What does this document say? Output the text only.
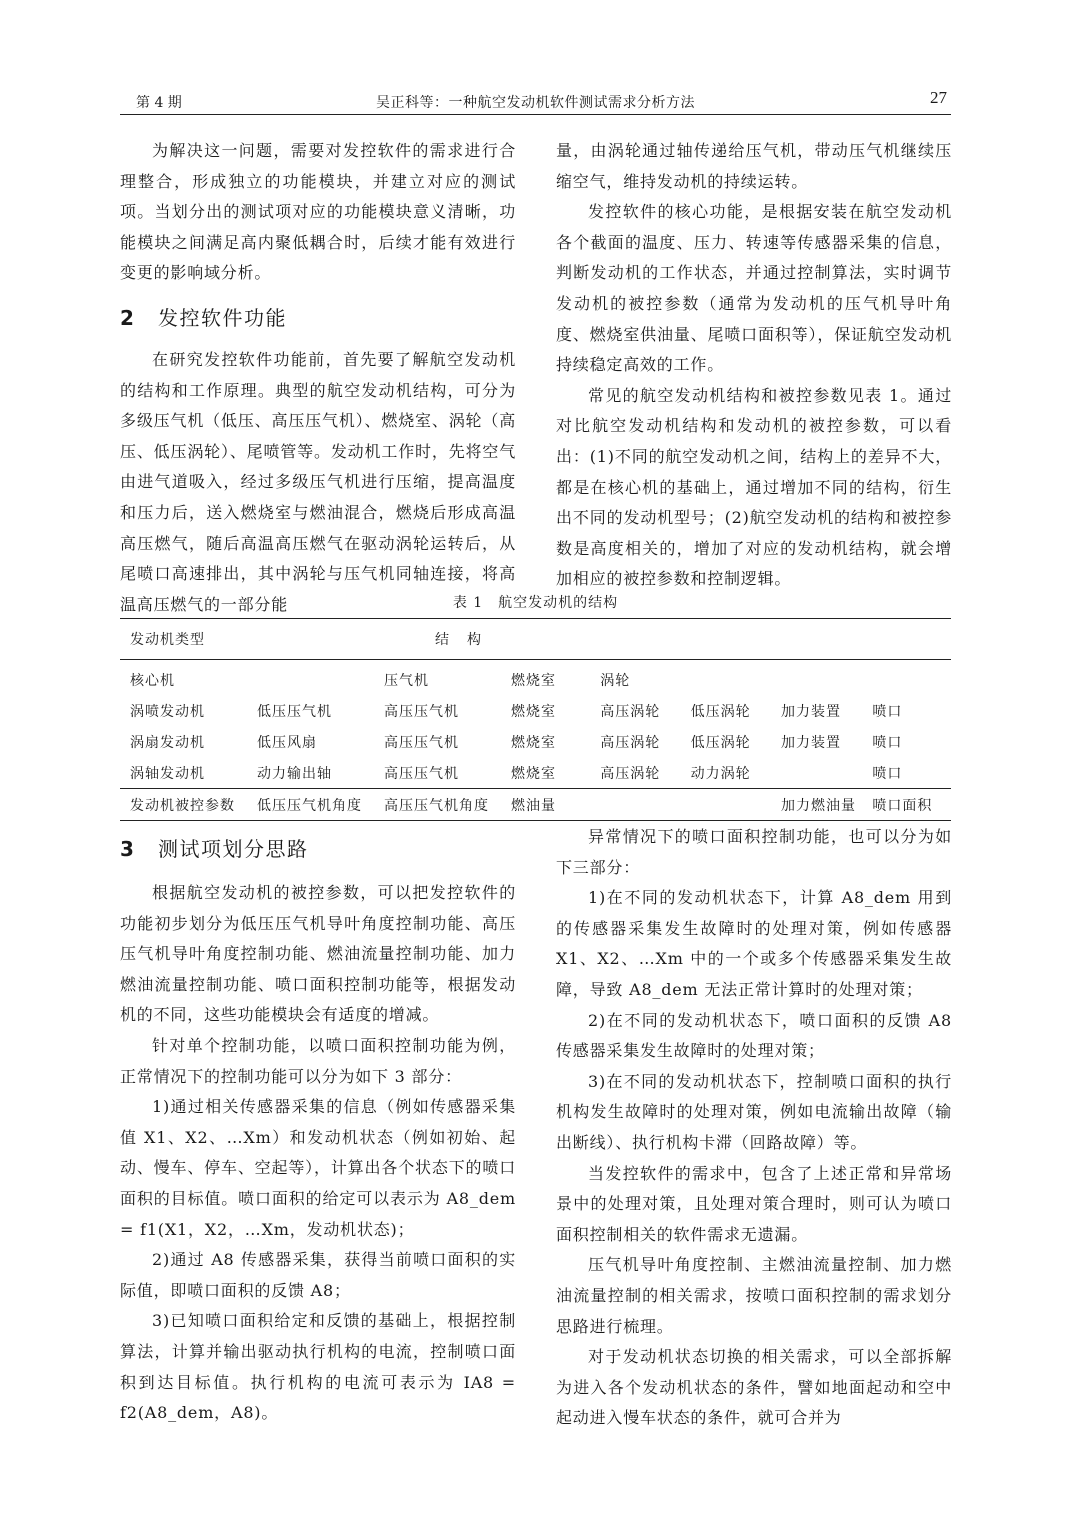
第 4 期	吴正科等：一种航空发动机软件测试需求分析方法	27

为解决这一问题，需要对发控软件的需求进行合理整合，形成独立的功能模块，并建立对应的测试项。当划分出的测试项对应的功能模块意义清晰，功能模块之间满足高内聚低耦合时，后续才能有效进行变更的影响域分析。

2 发控软件功能

在研究发控软件功能前，首先要了解航空发动机的结构和工作原理。典型的航空发动机结构，可分为多级压气机（低压、高压压气机）、燃烧室、涡轮（高压、低压涡轮）、尾喷管等。发动机工作时，先将空气由进气道吸入，经过多级压气机进行压缩，提高温度和压力后，送入燃烧室与燃油混合，燃烧后形成高温高压燃气，随后高温高压燃气在驱动涡轮运转后，从尾喷口高速排出，其中涡轮与压气机同轴连接，将高温高压燃气的一部分能

量，由涡轮通过轴传递给压气机，带动压气机继续压缩空气，维持发动机的持续运转。

发控软件的核心功能，是根据安装在航空发动机各个截面的温度、压力、转速等传感器采集的信息，判断发动机的工作状态，并通过控制算法，实时调节发动机的被控参数（通常为发动机的压气机导叶角度、燃烧室供油量、尾喷口面积等），保证航空发动机持续稳定高效的工作。

常见的航空发动机结构和被控参数见表 1。通过对比航空发动机结构和发动机的被控参数，可以看出：(1)不同的航空发动机之间，结构上的差异不大，都是在核心机的基础上，通过增加不同的结构，衍生出不同的发动机型号；(2)航空发动机的结构和被控参数是高度相关的，增加了对应的发动机结构，就会增加相应的被控参数和控制逻辑。

表 1　航空发动机的结构
发动机类型	结构						
核心机		压气机	燃烧室	涡轮			
涡喷发动机	低压压气机	高压压气机	燃烧室	高压涡轮	低压涡轮	加力装置	喷口
涡扇发动机	低压风扇	高压压气机	燃烧室	高压涡轮	低压涡轮	加力装置	喷口
涡轴发动机	动力输出轴	高压压气机	燃烧室	高压涡轮	动力涡轮		喷口
发动机被控参数	低压压气机角度	高压压气机角度	燃油量			加力燃油量	喷口面积
3 测试项划分思路

根据航空发动机的被控参数，可以把发控软件的功能初步划分为低压压气机导叶角度控制功能、高压压气机导叶角度控制功能、燃油流量控制功能、加力燃油流量控制功能、喷口面积控制功能等，根据发动机的不同，这些功能模块会有适度的增减。

针对单个控制功能，以喷口面积控制功能为例，正常情况下的控制功能可以分为如下 3 部分：

1)通过相关传感器采集的信息（例如传感器采集值 X1、X2、…Xm）和发动机状态（例如初始、起动、慢车、停车、空起等），计算出各个状态下的喷口面积的目标值。喷口面积的给定可以表示为 A8_dem = f1(X1，X2，…Xm，发动机状态)；

2)通过 A8 传感器采集，获得当前喷口面积的实际值，即喷口面积的反馈 A8；

3)已知喷口面积给定和反馈的基础上，根据控制算法，计算并输出驱动执行机构的电流，控制喷口面积到达目标值。执行机构的电流可表示为 IA8 = f2(A8_dem，A8)。

异常情况下的喷口面积控制功能，也可以分为如下三部分：

1)在不同的发动机状态下，计算 A8_dem 用到的传感器采集发生故障时的处理对策，例如传感器 X1、X2、…Xm 中的一个或多个传感器采集发生故障，导致 A8_dem 无法正常计算时的处理对策；

2)在不同的发动机状态下，喷口面积的反馈 A8 传感器采集发生故障时的处理对策；

3)在不同的发动机状态下，控制喷口面积的执行机构发生故障时的处理对策，例如电流输出故障（输出断线）、执行机构卡滞（回路故障）等。

当发控软件的需求中，包含了上述正常和异常场景中的处理对策，且处理对策合理时，则可认为喷口面积控制相关的软件需求无遗漏。

压气机导叶角度控制、主燃油流量控制、加力燃油流量控制的相关需求，按喷口面积控制的需求划分思路进行梳理。

对于发动机状态切换的相关需求，可以全部拆解为进入各个发动机状态的条件，譬如地面起动和空中起动进入慢车状态的条件，就可合并为
